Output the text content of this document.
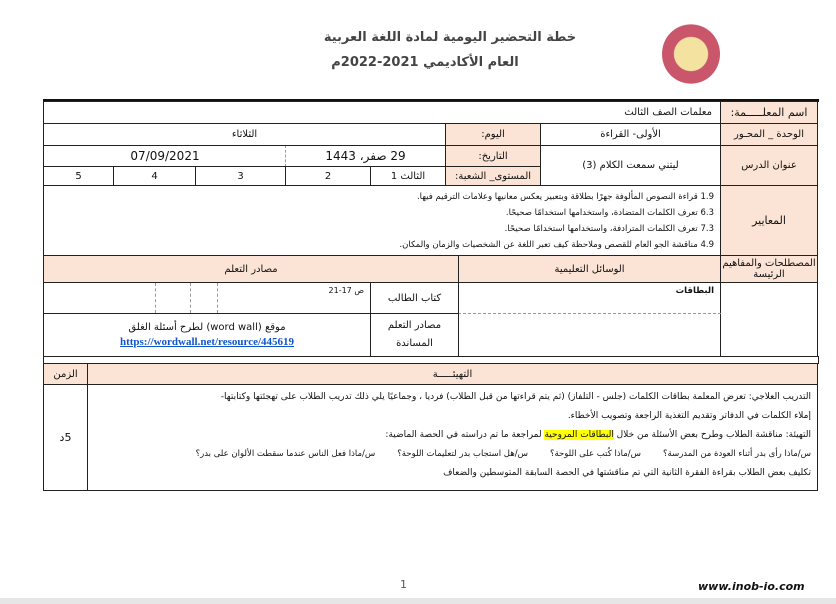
خطة التحضير اليومية لمادة اللغة العربية
العام الأكاديمي 2021-2022م
اسم المعلـــــمة:
معلمات الصف الثالث
الوحدة _ المحـور
الأولى- القراءة
اليوم:
الثلاثاء
عنوان الدرس
ليتني سمعت الكلام (3)
التاريخ:
29 صفر، 1443
07/09/2021
المستوى_ الشعبة:
الثالث 1
2
3
4
5
المعايير
1.9 قراءة النصوص المألوفة جهرًا بطلاقة وبتعبير يعكس معانيها وعلامات الترقيم فيها.
6.3 تعرف الكلمات المتضادة، واستخدامها استخدامًا صحيحًا.
7.3 تعرف الكلمات المترادفة، واستخدامها استخدامًا صحيحًا.
4.9 مناقشة الجو العام للقصص وملاحظة كيف تعبر اللغة عن الشخصيات والزمان والمكان.
المصطلحات والمفاهيم الرئيسة
الوسائل التعليمية
مصادر التعلم
البطاقات
كتاب الطالب
ص 17-21
مصادر التعلم المساندة
موقع (word wall) لطرح أسئلة الغلق
https://wordwall.net/resource/445619
التهيئـــــة
الزمن
التدريب العلاجي: تعرض المعلمة بطاقات الكلمات (جلس - التلفاز) (ثم يتم قراءتها من قبل الطلاب) فرديا ، وجماعيًا يلي ذلك تدريب الطلاب على تهجئتها وكتابتها-
إملاء الكلمات في الدفاتر وتقديم التغذية الراجعة وتصويب الأخطاء.
التهيئة: مناقشة الطلاب وطرح بعض الأسئلة من خلال البطاقات المروحية لمراجعة ما تم دراسته في الحصة الماضية:
س/ماذا رأى بدر أثناء العودة من المدرسة؟
س/ماذا كُتب على اللوحة؟
س/هل استجاب بدر لتعليمات اللوحة؟
س/ماذا فعل الناس عندما سقطت الألوان على بدر؟
تكليف بعض الطلاب بقراءة الفقرة الثانية التي تم مناقشتها في الحصة السابقة المتوسطين والضعاف
5د
1	www.inob-io.com
